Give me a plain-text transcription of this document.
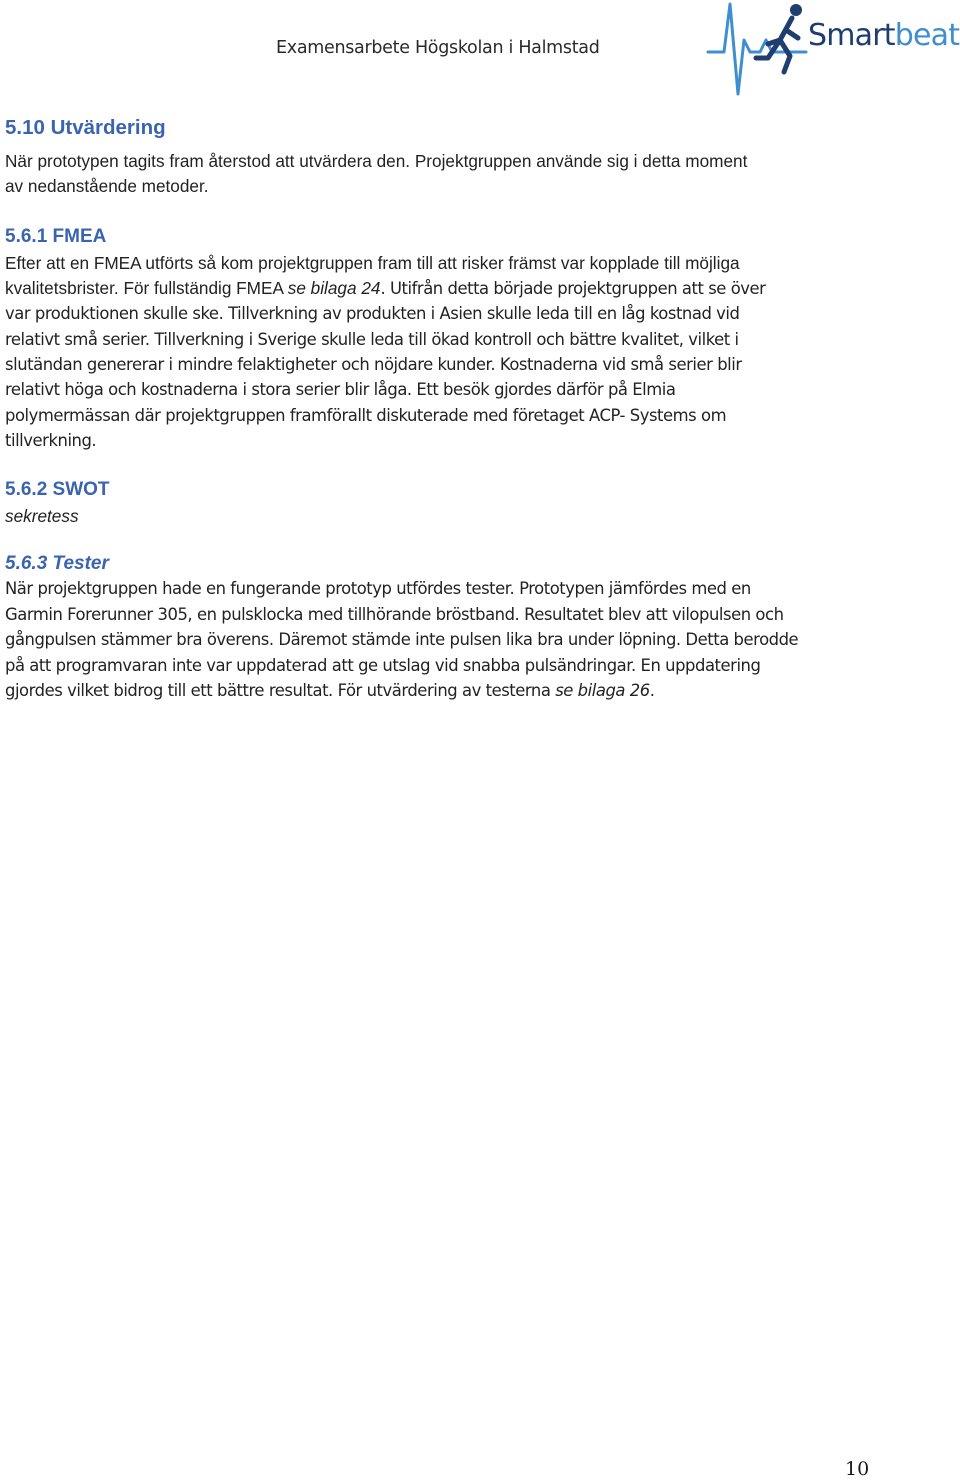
Examensarbete Högskolan i Halmstad	Smartbeat
5.10 Utvärdering
När prototypen tagits fram återstod att utvärdera den. Projektgruppen använde sig i detta moment
av nedanstående metoder.
5.6.1 FMEA
Efter att en FMEA utförts så kom projektgruppen fram till att risker främst var kopplade till möjliga
kvalitetsbrister. För fullständig FMEA se bilaga 24. Utifrån detta började projektgruppen att se över
var produktionen skulle ske. Tillverkning av produkten i Asien skulle leda till en låg kostnad vid
relativt små serier. Tillverkning i Sverige skulle leda till ökad kontroll och bättre kvalitet, vilket i
slutändan genererar i mindre felaktigheter och nöjdare kunder. Kostnaderna vid små serier blir
relativt höga och kostnaderna i stora serier blir låga. Ett besök gjordes därför på Elmia
polymermässan där projektgruppen framförallt diskuterade med företaget ACP- Systems om
tillverkning.
5.6.2 SWOT
sekretess
5.6.3 Tester
När projektgruppen hade en fungerande prototyp utfördes tester. Prototypen jämfördes med en
Garmin Forerunner 305, en pulsklocka med tillhörande bröstband. Resultatet blev att vilopulsen och
gångpulsen stämmer bra överens. Däremot stämde inte pulsen lika bra under löpning. Detta berodde
på att programvaran inte var uppdaterad att ge utslag vid snabba pulsändringar. En uppdatering
gjordes vilket bidrog till ett bättre resultat. För utvärdering av testerna se bilaga 26.
10
